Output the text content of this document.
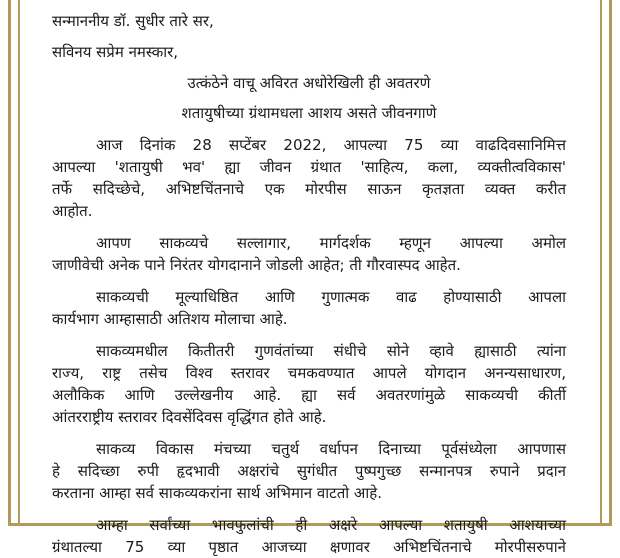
सन्माननीय डॉ. सुधीर तारे सर,
सविनय सप्रेम नमस्कार,
उत्कंठेने वाचू अविरत अधोरेखिली ही अवतरणे
शतायुषीच्या ग्रंथामधला आशय असते जीवनगाणे
आज दिनांक 28 सप्टेंबर 2022, आपल्या 75 व्या वाढदिवसानिमित्त
आपल्या 'शतायुषी भव' ह्या जीवन ग्रंथात 'साहित्य, कला, व्यक्तीत्वविकास'
तर्फे सदिच्छेचे, अभिष्टचिंतनाचे एक मोरपीस साऊन कृतज्ञता व्यक्त करीत
आहोत.
आपण साकव्यचे सल्लागार, मार्गदर्शक म्हणून आपल्या अमोल
जाणीवेची अनेक पाने निरंतर योगदानाने जोडली आहेत; ती गौरवास्पद आहेत.
साकव्यची मूल्याधिष्ठित आणि गुणात्मक वाढ होण्यासाठी आपला
कार्यभाग आम्हासाठी अतिशय मोलाचा आहे.
साकव्यमधील कितीतरी गुणवंतांच्या संधीचे सोने व्हावे ह्यासाठी त्यांना
राज्य, राष्ट्र तसेच विश्व स्तरावर चमकवण्यात आपले योगदान अनन्यसाधारण,
अलौकिक आणि उल्लेखनीय आहे. ह्या सर्व अवतरणांमुळे साकव्यची कीर्ती
आंतरराष्ट्रीय स्तरावर दिवसेंदिवस वृद्धिंगत होते आहे.
साकव्य विकास मंचच्या चतुर्थ वर्धापन दिनाच्या पूर्वसंध्येला आपणास
हे सदिच्छा रुपी हृदभावी अक्षरांचे सुगंधीत पुष्पगुच्छ सन्मानपत्र रुपाने प्रदान
करताना आम्हा सर्व साकव्यकरांना सार्थ अभिमान वाटतो आहे.
आम्हा सर्वांच्या भावफुलांची ही अक्षरे आपल्या शतायुषी आशयाच्या
ग्रंथातल्या 75 व्या पृष्ठात आजच्या क्षणावर अभिष्टचिंतनाचे मोरपीसरुपाने
